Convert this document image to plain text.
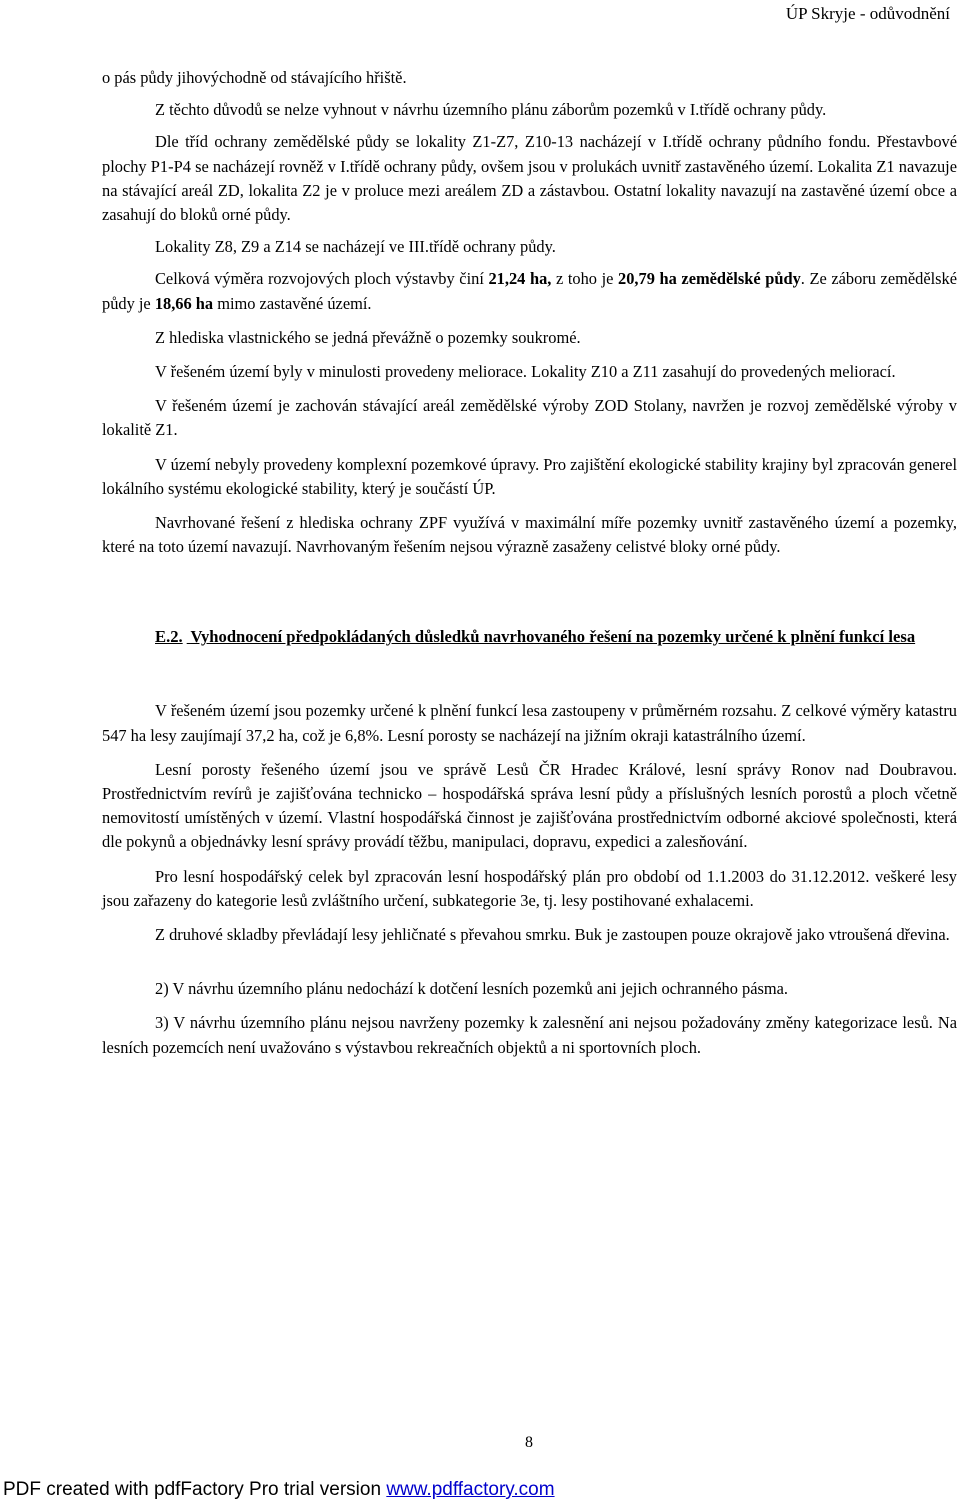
ÚP Skryje - odůvodnění

o pás půdy jihovýchodně od stávajícího hřiště.

Z těchto důvodů se nelze vyhnout v návrhu územního plánu záborům pozemků v I.třídě ochrany půdy.

Dle tříd ochrany zemědělské půdy se lokality Z1-Z7, Z10-13 nacházejí v I.třídě ochrany půdního fondu. Přestavbové plochy P1-P4 se nacházejí rovněž v I.třídě ochrany půdy, ovšem jsou v prolukách uvnitř zastavěného území. Lokalita Z1 navazuje na stávající areál ZD, lokalita Z2 je v proluce mezi areálem ZD a zástavbou. Ostatní lokality navazují na zastavěné území obce a zasahují do bloků orné půdy.

Lokality Z8, Z9 a Z14 se nacházejí ve III.třídě ochrany půdy.

Celková výměra rozvojových ploch výstavby činí 21,24 ha, z toho je 20,79 ha zemědělské půdy. Ze záboru zemědělské půdy je 18,66 ha mimo zastavěné území.

Z hlediska vlastnického se jedná převážně o pozemky soukromé.

V řešeném území byly v minulosti provedeny meliorace. Lokality Z10 a Z11 zasahují do provedených meliorací.

V řešeném území je zachován stávající areál zemědělské výroby ZOD Stolany, navržen je rozvoj zemědělské výroby v lokalitě Z1.

V území nebyly provedeny komplexní pozemkové úpravy. Pro zajištění ekologické stability krajiny byl zpracován generel lokálního systému ekologické stability, který je součástí ÚP.

Navrhované řešení z hlediska ochrany ZPF využívá v maximální míře pozemky uvnitř zastavěného území a pozemky, které na toto území navazují. Navrhovaným řešením nejsou výrazně zasaženy celistvé bloky orné půdy.

E.2. Vyhodnocení předpokládaných důsledků navrhovaného řešení na pozemky určené k plnění funkcí lesa

V řešeném území jsou pozemky určené k plnění funkcí lesa zastoupeny v průměrném rozsahu. Z celkové výměry katastru 547 ha lesy zaujímají 37,2 ha, což je 6,8%. Lesní porosty se nacházejí na jižním okraji katastrálního území.

Lesní porosty řešeného území jsou ve správě Lesů ČR Hradec Králové, lesní správy Ronov nad Doubravou. Prostřednictvím revírů je zajišťována technicko – hospodářská správa lesní půdy a příslušných lesních porostů a ploch včetně nemovitostí umístěných v území. Vlastní hospodářská činnost je zajišťována prostřednictvím odborné akciové společnosti, která dle pokynů a objednávky lesní správy provádí těžbu, manipulaci, dopravu, expedici a zalesňování.

Pro lesní hospodářský celek byl zpracován lesní hospodářský plán pro období od 1.1.2003 do 31.12.2012. veškeré lesy jsou zařazeny do kategorie lesů zvláštního určení, subkategorie 3e, tj. lesy postihované exhalacemi.

Z druhové skladby převládají lesy jehličnaté s převahou smrku. Buk je zastoupen pouze okrajově jako vtroušená dřevina.

2) V návrhu územního plánu nedochází k dotčení lesních pozemků ani jejich ochranného pásma.

3) V návrhu územního plánu nejsou navrženy pozemky k zalesnění ani nejsou požadovány změny kategorizace lesů. Na lesních pozemcích není uvažováno s výstavbou rekreačních objektů a ni sportovních ploch.

8
PDF created with pdfFactory Pro trial version www.pdffactory.com
